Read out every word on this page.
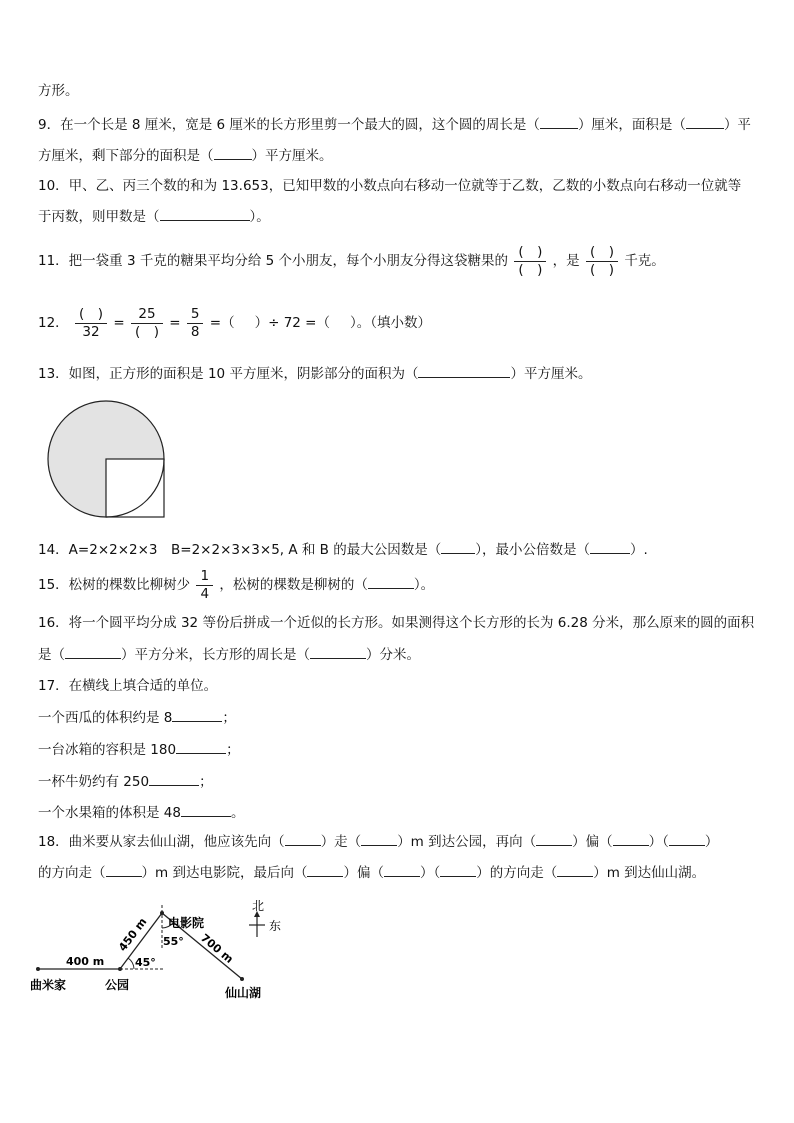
方形。
9．在一个长是 8 厘米，宽是 6 厘米的长方形里剪一个最大的圆，这个圆的周长是（	）厘米，面积是（	）平
方厘米，剩下部分的面积是（	）平方厘米。
10．甲、乙、丙三个数的和为 13.653，已知甲数的小数点向右移动一位就等于乙数，乙数的小数点向右移动一位就等
于丙数，则甲数是（	）。
11．把一袋重 3 千克的糖果平均分给 5 个小朋友，每个小朋友分得这袋糖果的 $\frac{( )}{( )}$ ，是 $\frac{( )}{( )}$ 千克。
12． $\frac{( )}{32} = \frac{25}{( )} = \frac{5}{8}$ =（ ）÷ 72 =（ ）。（填小数）
13．如图，正方形的面积是 10 平方厘米，阴影部分的面积为（	）平方厘米。
14．A=2×2×2×3　B=2×2×3×3×5, A 和 B 的最大公因数是（	），最小公倍数是（	）.
15．松树的棵数比柳树少 $\frac{1}{4}$ ，松树的棵数是柳树的（	）。
16．将一个圆平均分成 32 等份后拼成一个近似的长方形。如果测得这个长方形的长为 6.28 分米，那么原来的圆的面积
是（	）平方分米，长方形的周长是（	）分米。
17．在横线上填合适的单位。
一个西瓜的体积约是 8	；
一台冰箱的容积是 180	；
一杯牛奶约有 250	；
一个水果箱的体积是 48	。
18．曲米要从家去仙山湖，他应该先向（	）走（	）m 到达公园，再向（	）偏（	）（	）
的方向走（	）m 到达电影院，最后向（	）偏（	）（	）的方向走（	）m 到达仙山湖。
北
东
400 m
450 m	700 m
45°
55°
曲米家	公园
电影院
仙山湖
